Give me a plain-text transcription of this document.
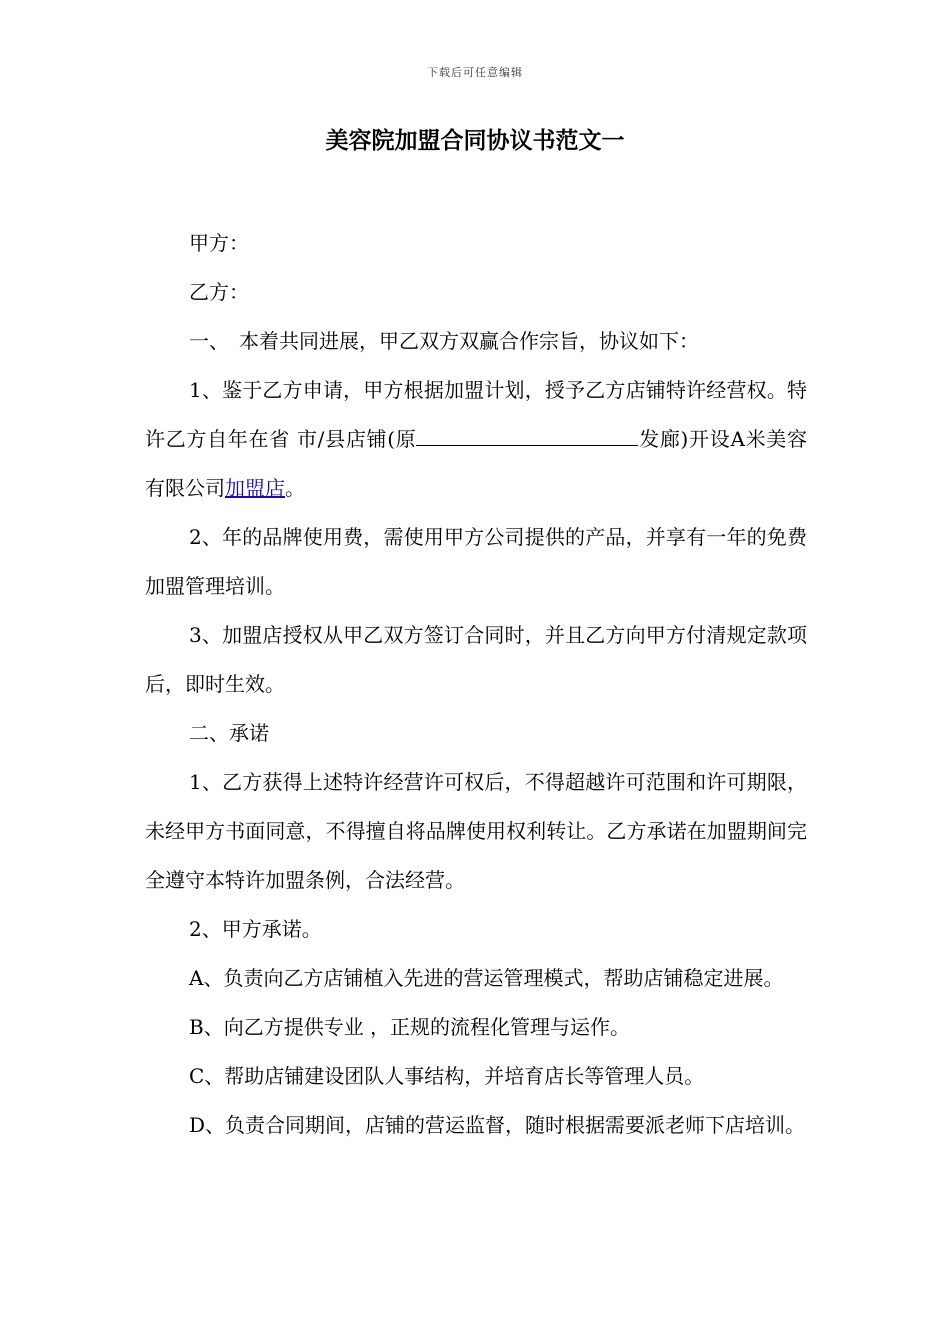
下载后可任意编辑
美容院加盟合同协议书范文一

甲方：

乙方：

一、　本着共同进展，甲乙双方双赢合作宗旨，协议如下：

1、鉴于乙方申请，甲方根据加盟计划，授予乙方店铺特许经营权。特许乙方自年在省 市/县店铺(原	发廊)开设A米美容有限公司加盟店。

2、年的品牌使用费，需使用甲方公司提供的产品，并享有一年的免费加盟管理培训。

3、加盟店授权从甲乙双方签订合同时，并且乙方向甲方付清规定款项后，即时生效。

二、承诺

1、乙方获得上述特许经营许可权后，不得超越许可范围和许可期限，未经甲方书面同意，不得擅自将品牌使用权利转让。乙方承诺在加盟期间完全遵守本特许加盟条例，合法经营。

2、甲方承诺。

A、负责向乙方店铺植入先进的营运管理模式，帮助店铺稳定进展。

B、向乙方提供专业 ，正规的流程化管理与运作。

C、帮助店铺建设团队人事结构，并培育店长等管理人员。

D、负责合同期间，店铺的营运监督，随时根据需要派老师下店培训。
